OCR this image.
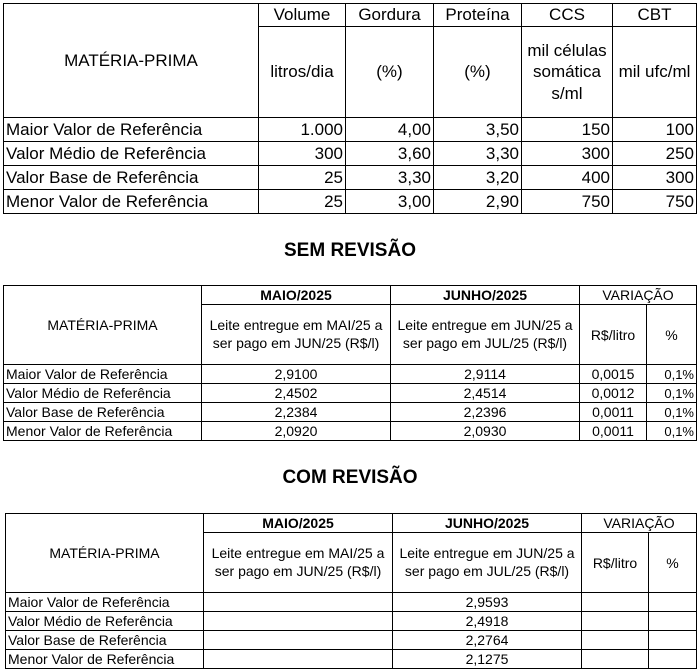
MATÉRIA-PRIMA	Volume	Gordura	Proteína	CCS	CBT
	litros/dia	(%)	(%)	mil células somática s/ml	mil ufc/ml
Maior Valor de Referência	1.000	4,00	3,50	150	100
Valor Médio de Referência	300	3,60	3,30	300	250
Valor Base de Referência	25	3,30	3,20	400	300
Menor Valor de Referência	25	3,00	2,90	750	750
SEM REVISÃO
MATÉRIA-PRIMA	MAIO/2025	JUNHO/2025	VARIAÇÃO	
	Leite entregue em MAI/25 a ser pago em JUN/25 (R$/l)	Leite entregue em JUN/25 a ser pago em JUL/25 (R$/l)	R$/litro	%
Maior Valor de Referência	2,9100	2,9114	0,0015	0,1%
Valor Médio de Referência	2,4502	2,4514	0,0012	0,1%
Valor Base de Referência	2,2384	2,2396	0,0011	0,1%
Menor Valor de Referência	2,0920	2,0930	0,0011	0,1%
COM REVISÃO
MATÉRIA-PRIMA	MAIO/2025	JUNHO/2025	VARIAÇÃO	
	Leite entregue em MAI/25 a ser pago em JUN/25 (R$/l)	Leite entregue em JUN/25 a ser pago em JUL/25 (R$/l)	R$/litro	%
Maior Valor de Referência		2,9593		
Valor Médio de Referência		2,4918		
Valor Base de Referência		2,2764		
Menor Valor de Referência		2,1275		
